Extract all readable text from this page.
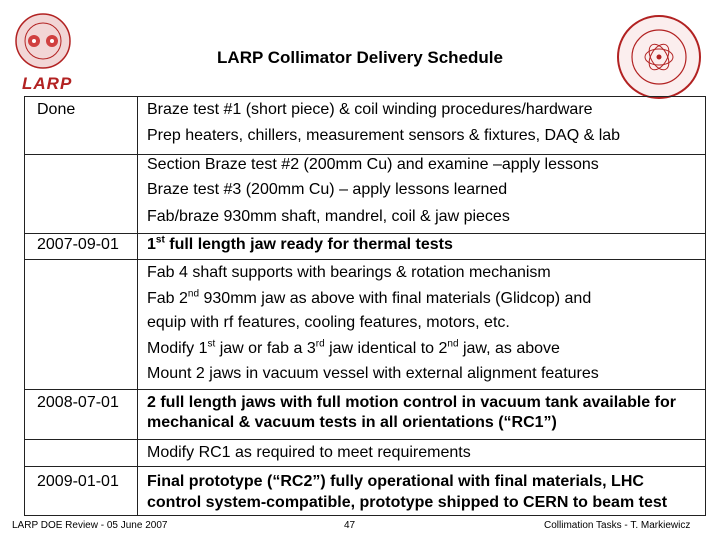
LARP
LARP Collimator Delivery Schedule
Done	Braze test #1 (short piece) & coil winding procedures/hardware
Prep heaters, chillers, measurement sensors & fixtures, DAQ & lab
Section Braze test #2 (200mm Cu) and examine –apply lessons
Braze test #3 (200mm Cu) – apply lessons learned
Fab/braze 930mm shaft, mandrel, coil & jaw pieces
2007-09-01 1st full length jaw ready for thermal tests
Fab 4 shaft supports with bearings & rotation mechanism
Fab 2nd 930mm jaw as above with final materials (Glidcop) and
equip with rf features, cooling features, motors, etc.
Modify 1st jaw or fab a 3rd jaw identical to 2nd jaw, as above
Mount 2 jaws in vacuum vessel with external alignment features
2008-07-01 2 full length jaws with full motion control in vacuum tank available for
mechanical & vacuum tests in all orientations (“RC1”)
Modify RC1 as required to meet requirements
2009-01-01 Final prototype (“RC2”) fully operational with final materials, LHC
control system-compatible, prototype shipped to CERN to beam test
LARP DOE Review - 05 June 2007	47	Collimation Tasks - T. Markiewicz
